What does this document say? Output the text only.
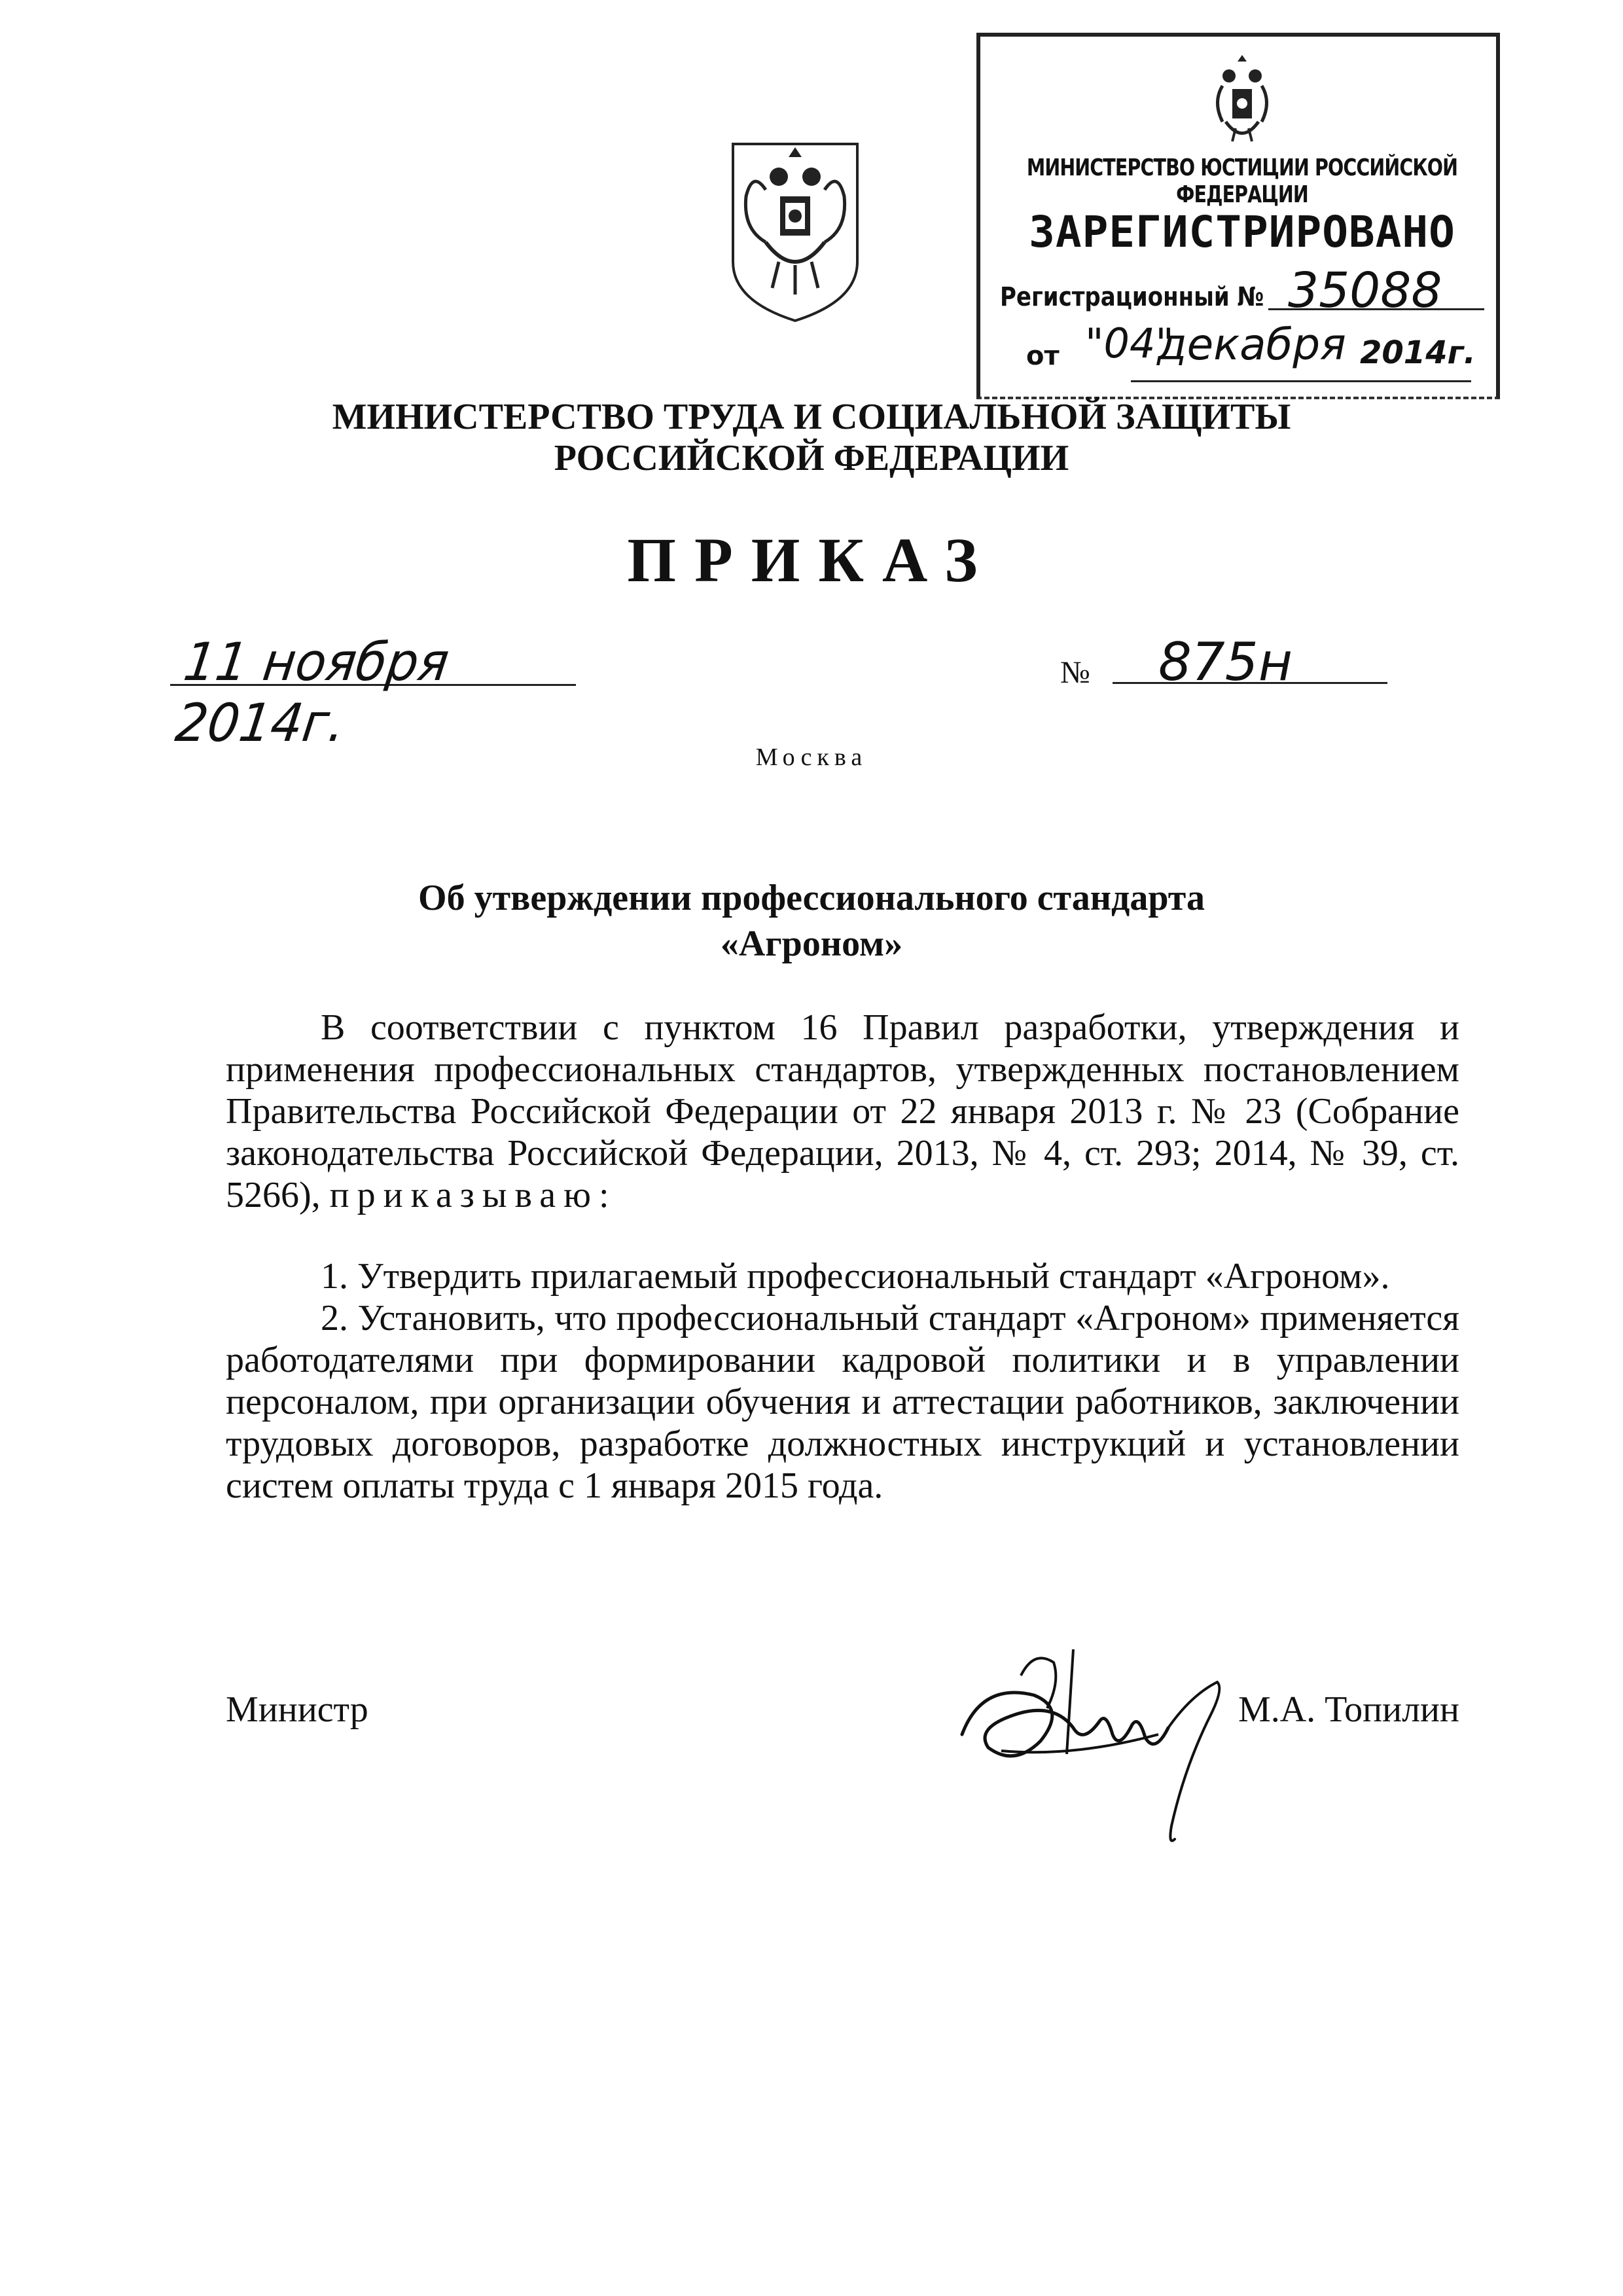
МИНИСТЕРСТВО ЮСТИЦИИ РОССИЙСКОЙ ФЕДЕРАЦИИ
ЗАРЕГИСТРИРОВАНО
Регистрационный № 35088
от "04"
декабря 2014г.
МИНИСТЕРСТВО ТРУДА И СОЦИАЛЬНОЙ ЗАЩИТЫ
РОССИЙСКОЙ ФЕДЕРАЦИИ
ПРИКАЗ
11 ноября 2014г.
№	875н
Москва
Об утверждении профессионального стандарта
«Агроном»

В соответствии с пунктом 16 Правил разработки, утверждения и применения профессиональных стандартов, утвержденных постановлением Правительства Российской Федерации от 22 января 2013 г. № 23 (Собрание законодательства Российской Федерации, 2013, № 4, ст. 293; 2014, № 39, ст. 5266), приказываю:

1. Утвердить прилагаемый профессиональный стандарт «Агроном».

2. Установить, что профессиональный стандарт «Агроном» применяется работодателями при формировании кадровой политики и в управлении персоналом, при организации обучения и аттестации работников, заключении трудовых договоров, разработке должностных инструкций и установлении систем оплаты труда с 1 января 2015 года.

Министр	М.А. Топилин
